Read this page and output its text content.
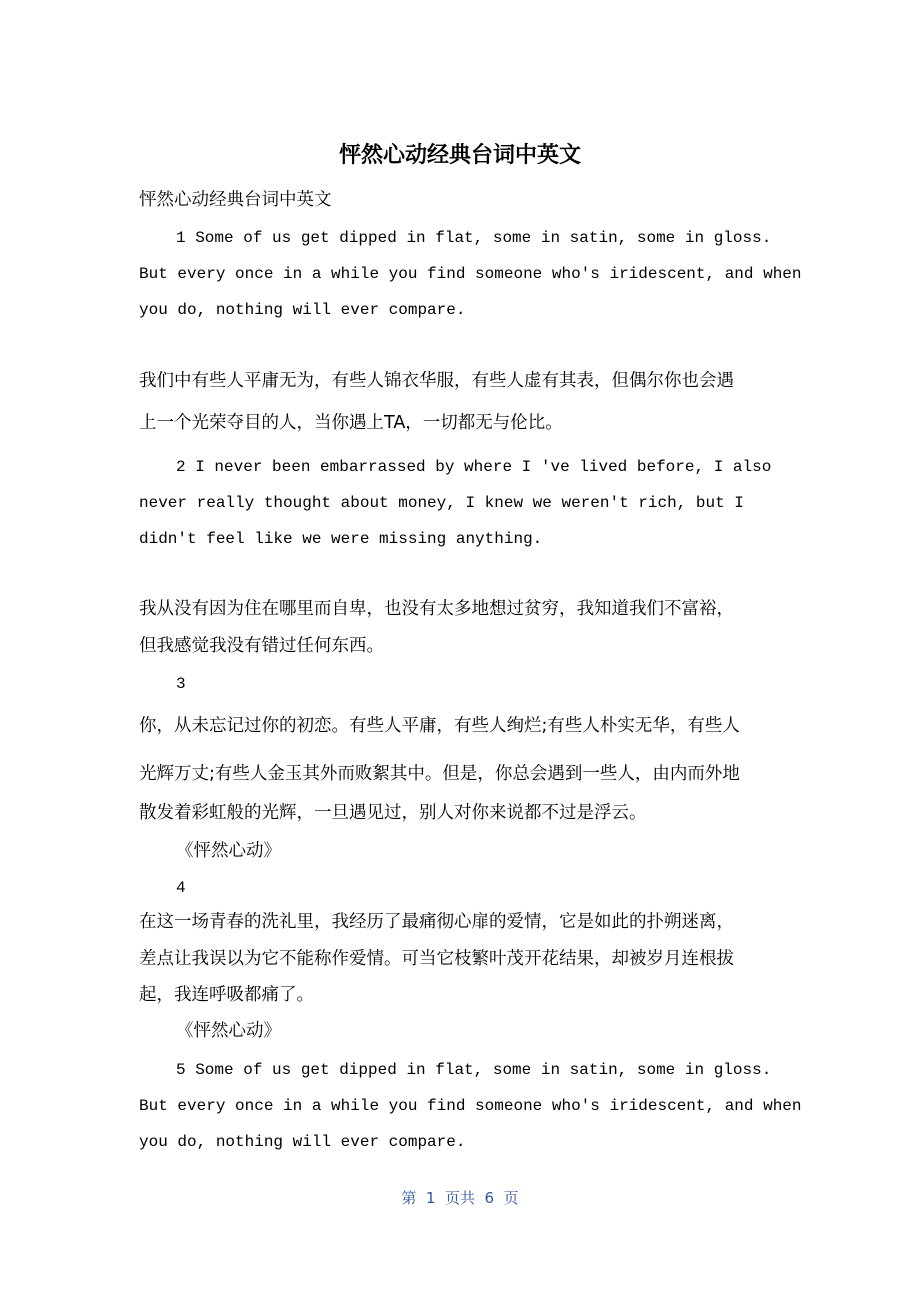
怦然心动经典台词中英文
怦然心动经典台词中英文
1 Some of us get dipped in flat, some in satin, some in gloss.
But every once in a while you find someone who's iridescent, and when
you do, nothing will ever compare.
我们中有些人平庸无为，有些人锦衣华服，有些人虚有其表，但偶尔你也会遇
上一个光荣夺目的人，当你遇上TA，一切都无与伦比。
2 I never been embarrassed by where I 've lived before, I also
never really thought about money, I knew we weren't rich, but I
didn't feel like we were missing anything.
我从没有因为住在哪里而自卑，也没有太多地想过贫穷，我知道我们不富裕，
但我感觉我没有错过任何东西。
3
你，从未忘记过你的初恋。有些人平庸，有些人绚烂;有些人朴实无华，有些人
光辉万丈;有些人金玉其外而败絮其中。但是，你总会遇到一些人，由内而外地
散发着彩虹般的光辉，一旦遇见过，别人对你来说都不过是浮云。
《怦然心动》
4
在这一场青春的洗礼里，我经历了最痛彻心扉的爱情，它是如此的扑朔迷离，
差点让我误以为它不能称作爱情。可当它枝繁叶茂开花结果，却被岁月连根拔
起，我连呼吸都痛了。
《怦然心动》
5 Some of us get dipped in flat, some in satin, some in gloss.
But every once in a while you find someone who's iridescent, and when
you do, nothing will ever compare.
第  1  页共  6  页
